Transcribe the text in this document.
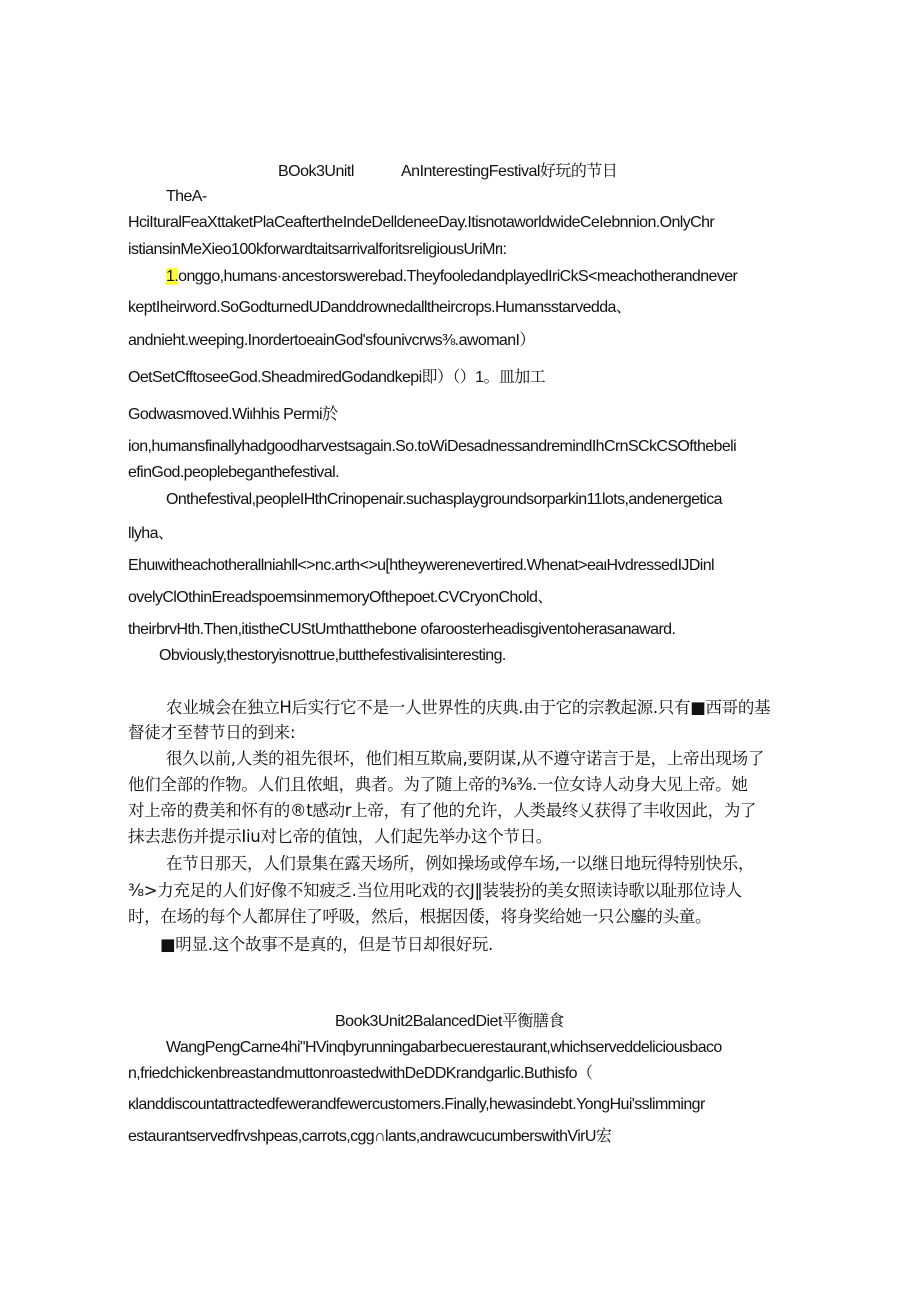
BOok3Unitl	AnInterestingFestival好玩的节日
TheA-
HciIturalFeaXttaketPlaCeaftertheIndeDelldeneeDay.ItisnotaworldwideCeIebnnion.OnlyChr
istiansinMeXieo100kforwardtaitsarrivalforitsreligiousUriMrι:
1.onggo,humans·ancestorswerebad.TheyfooledandplayedIriCkS<meachotherandnever
keptIheirword.SoGodturnedUDanddrownedalltheircrops.Humansstarvedda、
andnieht.weeping.InordertoeainGod'sfounivcrws⅜.awomanI）
OetSetCfftoseeGod.SheadmiredGodandkepi即）（）1。皿加工
Godwasmoved.Wiιhhis Permi於
ion,humansfinallyhadgoodharvestsagain.So.toWiDesadnessandremindIhCrnSCkCSOfthebeli
efinGod.peoplebeganthefestival.
Onthefestival,peopleIHthCrinopenair.suchasplaygroundsorparkin11lots,andenergetica
llyha、
Ehuιwitheachotherallniahll<>nc.arth<>u[htheywerenevertired.Whenat>eaιHvdressedIJDinl
ovelyClOthinEreadspoemsinmemoryOfthepoet.CVCryonChold、
theirbrvHth.Then,itistheCUStUmthatthebone ofaroosterheadisgiventoherasanaward.
Obviously,thestoryisnottrue,butthefestivalisinteresting.
农业城会在独立H后实行它不是一人世界性的庆典.由于它的宗教起源.只有■西哥的基
督徒才至替节日的到来:
很久以前,人类的祖先很坏，他们相互欺扁,要阴谋,从不遵守诺言于是，上帝出现场了
他们全部的作物。人们且侬蛆，典者。为了随上帝的⅜⅜.一位女诗人动身大见上帝。她
对上帝的费美和怀有的®t感动r上帝，有了他的允许，人类最终乂获得了丰收因此，为了
抹去悲伤并提示Iiu对匕帝的值蚀，人们起先举办这个节日。
在节日那天，人们景集在露天场所，例如操场或停车场,一以继日地玩得特别快乐，
⅜>力充足的人们好像不知疲乏.当位用叱戏的衣J‖装装扮的美女照读诗歌以耻那位诗人
时，在场的每个人都屏住了呼吸，然后，根据因倭，将身奖给她一只公鏖的头童。
■明显.这个故事不是真的，但是节日却很好玩.
Book3Unit2BalancedDiet平衡膳食
WangPengCarne4hi"HVinqbyrunningabarbecuerestaurant,whichserveddeliciousbaco
n,friedchickenbreastandmuttonroastedwithDeDDKrandgarlic.Buthisfo（
κlanddiscountattractedfewerandfewercustomers.Finally,hewasindebt.YongHui'sslimmingr
estaurantservedfrvshpeas,carrots,cgg∩lants,andrawcucumberswithVirU宏
